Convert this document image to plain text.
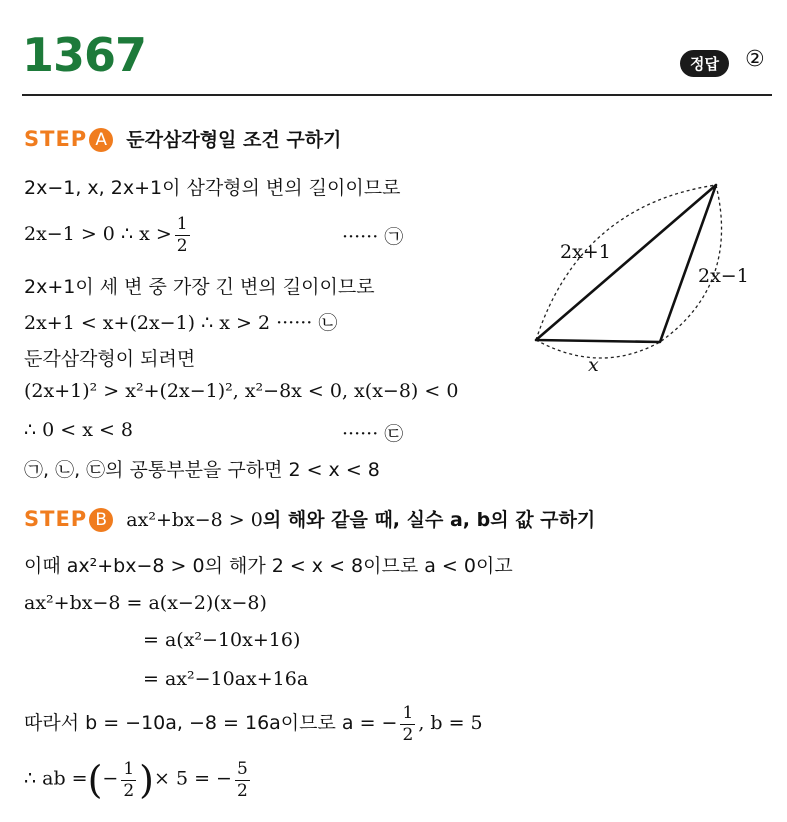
1367	정답	②
STEP A 둔각삼각형일 조건 구하기
2x−1, x, 2x+1이 삼각형의 변의 길이이므로
2x−1 > 0 ∴ $x > \frac{1}{2}$	······ ㉠
2x+1이 세 변 중 가장 긴 변의 길이이므로
2x+1 < x+(2x−1) ∴ x > 2 ······ ㉡
둔각삼각형이 되려면
(2x+1)² > x²+(2x−1)², x²−8x < 0, x(x−8) < 0
∴ 0 < x < 8	······ ㉢
㉠, ㉡, ㉢의 공통부분을 구하면 2 < x < 8
2x+1
2x−1
x
STEP B ax²+bx−8 > 0의 해와 같을 때, 실수 a, b의 값 구하기
이때 ax²+bx−8 > 0의 해가 2 < x < 8이므로 a < 0이고
ax²+bx−8 = a(x−2)(x−8)
= a(x²−10x+16)
= ax²−10ax+16a
따라서 b = −10a, −8 = 16a이므로 a = − $\frac{1}{2}$ , b = 5
∴ ab =(− $\frac{1}{2}$ )× 5 = − $\frac{5}{2}$
